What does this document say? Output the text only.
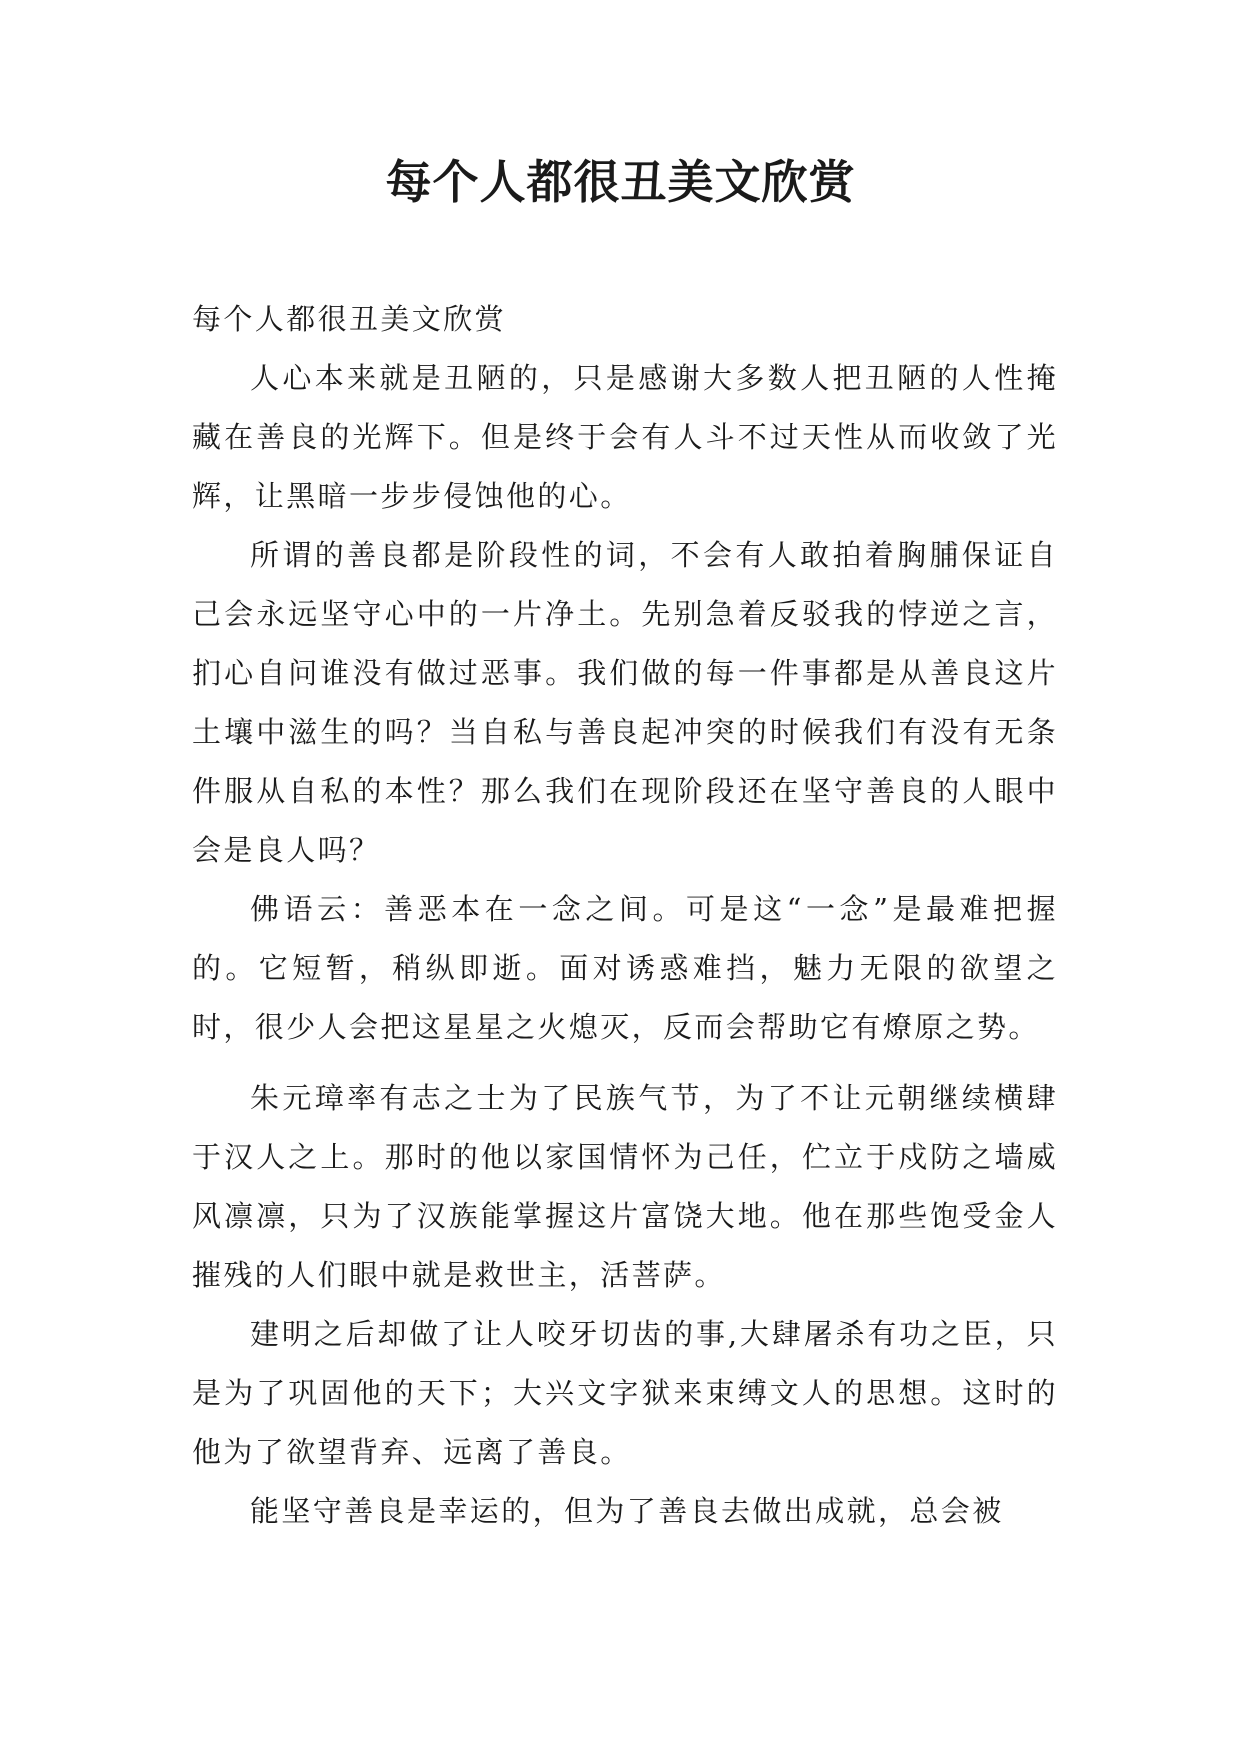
每个人都很丑美文欣赏

每个人都很丑美文欣赏

人心本来就是丑陋的，只是感谢大多数人把丑陋的人性掩藏在善良的光辉下。但是终于会有人斗不过天性从而收敛了光辉，让黑暗一步步侵蚀他的心。

所谓的善良都是阶段性的词，不会有人敢拍着胸脯保证自己会永远坚守心中的一片净土。先别急着反驳我的悖逆之言，扪心自问谁没有做过恶事。我们做的每一件事都是从善良这片土壤中滋生的吗？当自私与善良起冲突的时候我们有没有无条件服从自私的本性？那么我们在现阶段还在坚守善良的人眼中会是良人吗？

佛语云：善恶本在一念之间。可是这“一念”是最难把握的。它短暂，稍纵即逝。面对诱惑难挡，魅力无限的欲望之时，很少人会把这星星之火熄灭，反而会帮助它有燎原之势。

朱元璋率有志之士为了民族气节，为了不让元朝继续横肆于汉人之上。那时的他以家国情怀为己任，伫立于戍防之墙威风凛凛，只为了汉族能掌握这片富饶大地。他在那些饱受金人摧残的人们眼中就是救世主，活菩萨。

建明之后却做了让人咬牙切齿的事,大肆屠杀有功之臣，只是为了巩固他的天下；大兴文字狱来束缚文人的思想。这时的他为了欲望背弃、远离了善良。

能坚守善良是幸运的，但为了善良去做出成就，总会被
